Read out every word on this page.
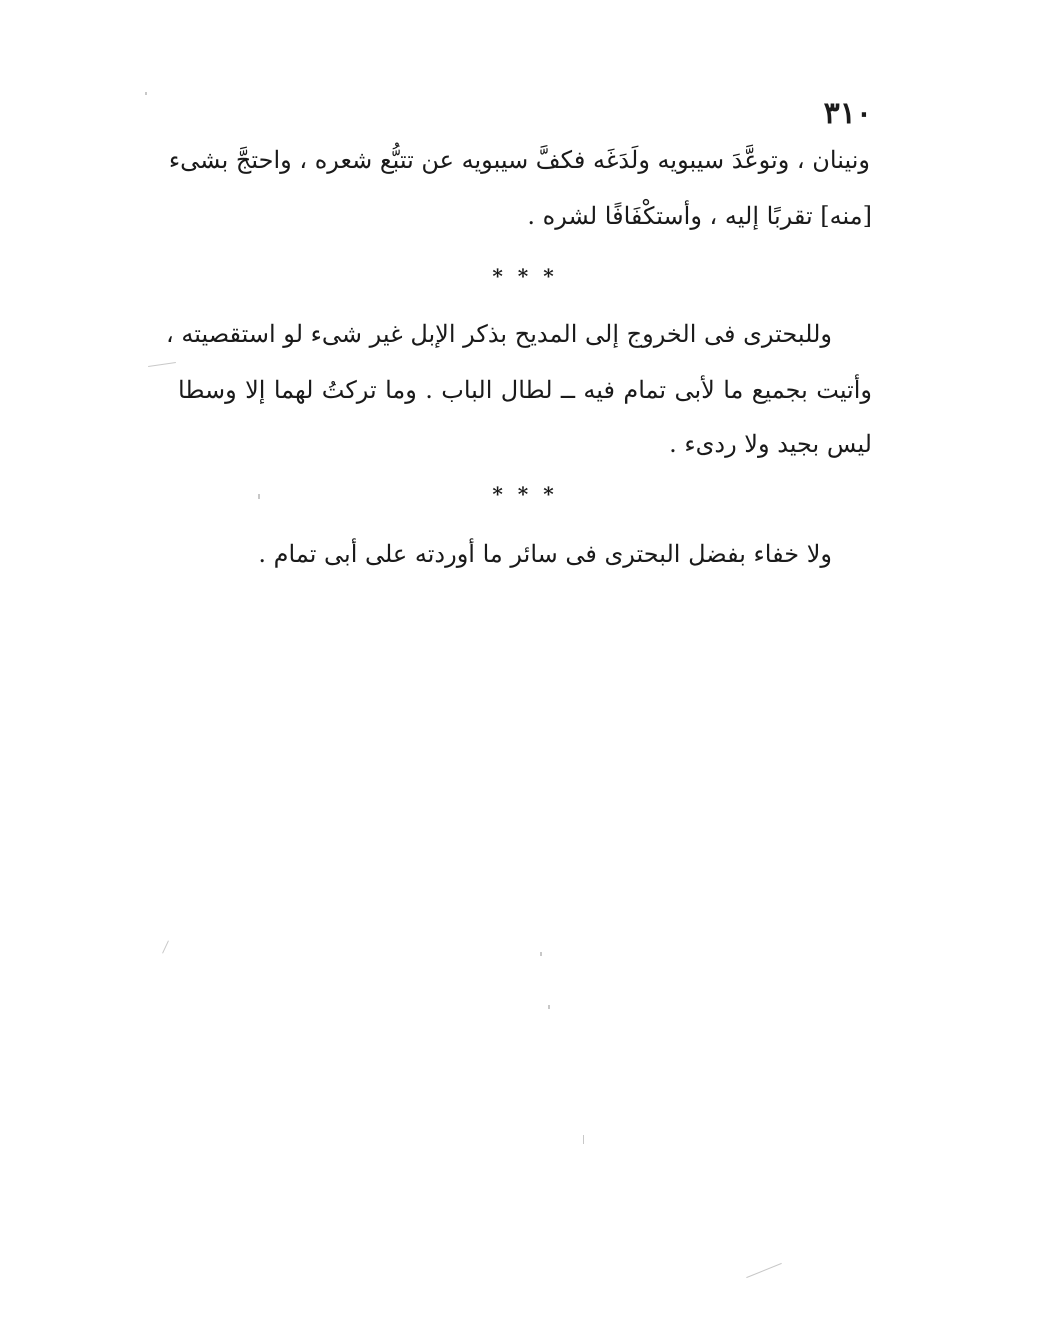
٣١٠
ونينان ، وتوعَّدَ سيبويه ولَدَغَه فكفَّ سيبويه عن تتبُّع شعره ، واحتجَّ بشىء
[منه] تقربًا إليه ، وأستكْفَافًا لشره .
* * *
وللبحترى فى الخروج إلى المديح بذكر الإبل غير شىء لو استقصيته ،
وأتيت بجميع ما لأبى تمام فيه ــ لطال الباب . وما تركتُ لهما إلا وسطا
ليس بجيد ولا ردىء .
* * *
ولا خفاء بفضل البحترى فى سائر ما أوردته على أبى تمام .
